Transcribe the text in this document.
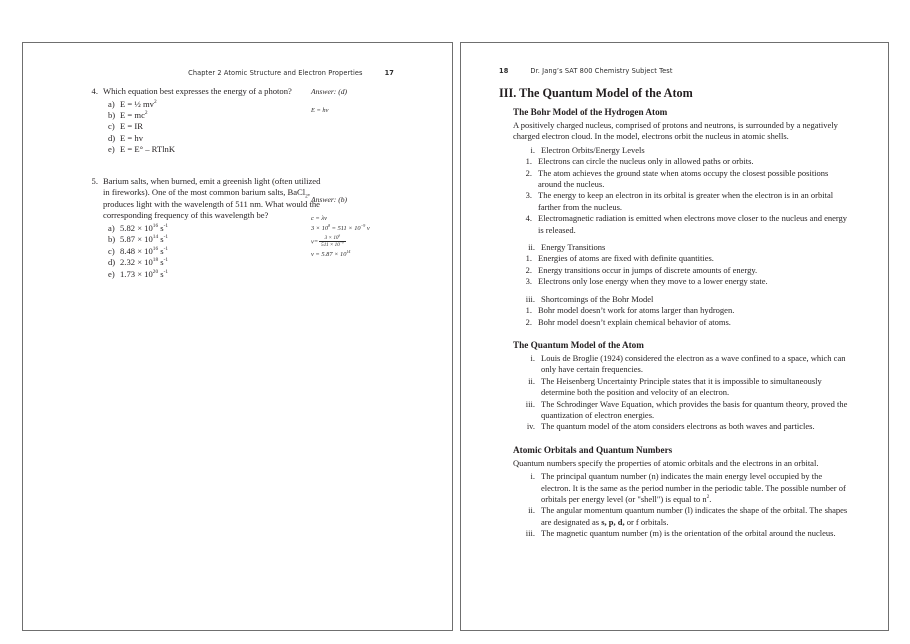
Chapter 2 Atomic Structure and Electron Properties	17
4. Which equation best expresses the energy of a photon?
a) E = ½ $mv^2$
b) $E = mc^2$
c) E = IR
d) E = hv
e) E = E° – RTlnK
5. Barium salts, when burned, emit a greenish light (often utilized in fireworks). One of the most common barium salts, BaCl$_2$, produces light with the wavelength of 511 nm. What would the corresponding frequency of this wavelength be?
a) $5.82 \times 10^{16}$ $s^{-1}$
b) $5.87 \times 10^{14}$ $s^{-1}$
c) $8.48 \times 10^{16}$ $s^{-1}$
d) $2.32 \times 10^{18}$ $s^{-1}$
e) $1.73 \times 10^{20}$ $s^{-1}$
Answer: (d)
E = hν
Answer: (b)
c = λν
$3 \times 10^8 = 511 \times 10^{-9}$ ν
$\nu= \frac{3 \times 10^8}{511 \times 10^{-9}}$
$\nu = 5.87 \times 10^{14}$
18	Dr. Jang’s SAT 800 Chemistry Subject Test
III. The Quantum Model of the Atom
The Bohr Model of the Hydrogen Atom
A positively charged nucleus, comprised of protons and neutrons, is surrounded by a negatively charged electron cloud. In the model, electrons orbit the nucleus in atomic shells.
i. Electron Orbits/Energy Levels
1. Electrons can circle the nucleus only in allowed paths or orbits.
2. The atom achieves the ground state when atoms occupy the closest possible positions around the nucleus.
3. The energy to keep an electron in its orbital is greater when the electron is in an orbital farther from the nucleus.
4. Electromagnetic radiation is emitted when electrons move closer to the nucleus and energy is released.
ii. Energy Transitions
1. Energies of atoms are fixed with definite quantities.
2. Energy transitions occur in jumps of discrete amounts of energy.
3. Electrons only lose energy when they move to a lower energy state.
iii. Shortcomings of the Bohr Model
1. Bohr model doesn’t work for atoms larger than hydrogen.
2. Bohr model doesn’t explain chemical behavior of atoms.
The Quantum Model of the Atom
i. Louis de Broglie (1924) considered the electron as a wave confined to a space, which can only have certain frequencies.
ii. The Heisenberg Uncertainty Principle states that it is impossible to simultaneously determine both the position and velocity of an electron.
iii. The Schrodinger Wave Equation, which provides the basis for quantum theory, proved the quantization of electron energies.
iv. The quantum model of the atom considers electrons as both waves and particles.
Atomic Orbitals and Quantum Numbers
Quantum numbers specify the properties of atomic orbitals and the electrons in an orbital.
i. The principal quantum number (n) indicates the main energy level occupied by the electron. It is the same as the period number in the periodic table. The possible number of orbitals per energy level (or "shell") is equal to $n^2$.
ii. The angular momentum quantum number (l) indicates the shape of the orbital. The shapes are designated as s, p, d, or f orbitals.
iii. The magnetic quantum number (m) is the orientation of the orbital around the nucleus.
